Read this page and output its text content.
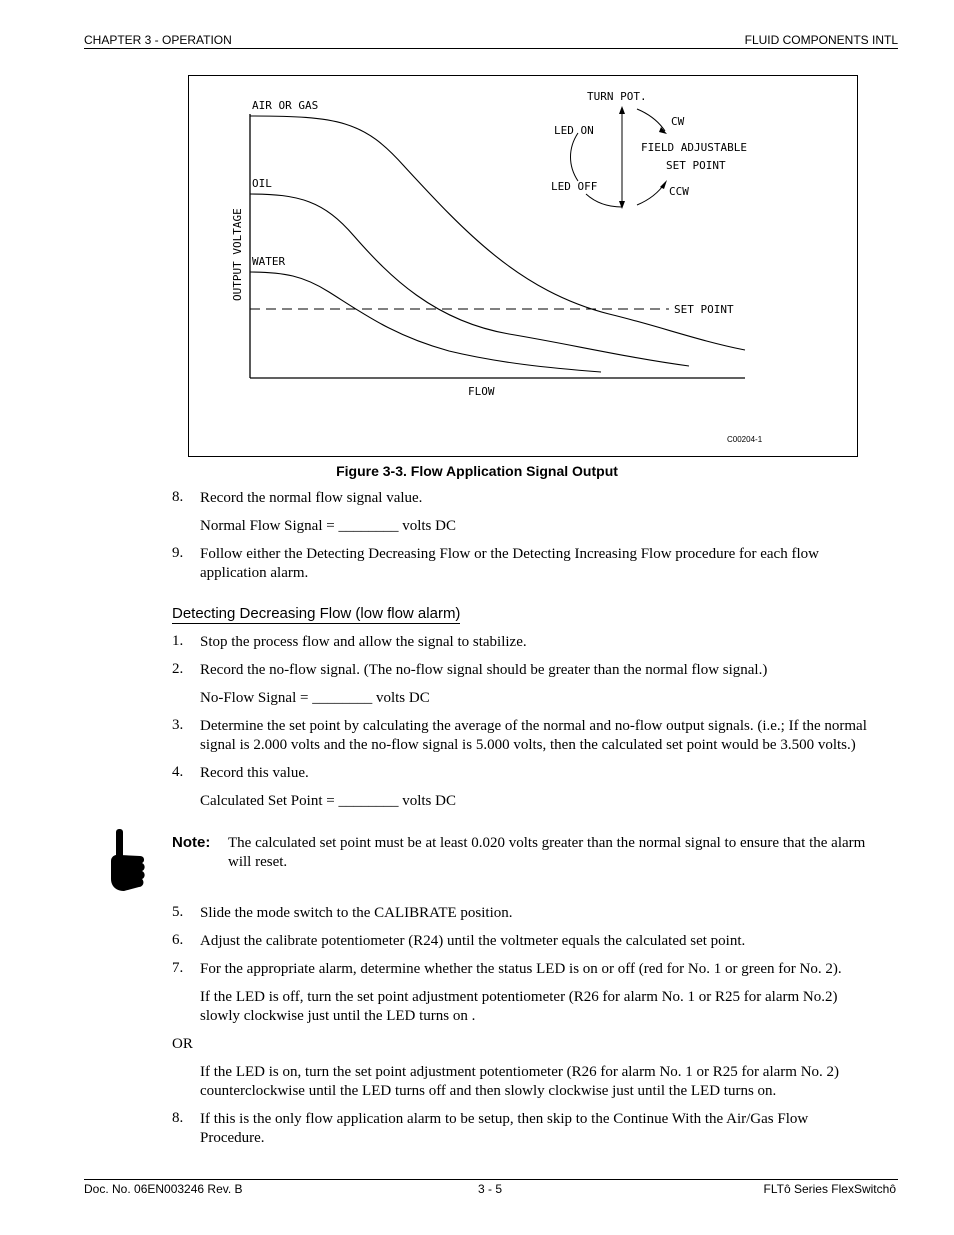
CHAPTER 3 - OPERATION	FLUID COMPONENTS INTL
AIR OR GAS
OIL
WATER
OUTPUT VOLTAGE
FLOW
SET POINT
TURN POT.
LED ON
LED OFF
CW
CCW
FIELD ADJUSTABLE
SET POINT
C00204-1
Figure 3-3. Flow Application Signal Output
8. Record the normal flow signal value.
Normal Flow Signal = ________ volts DC
9. Follow either the Detecting Decreasing Flow or the Detecting Increasing Flow procedure for each flow
application alarm.
Detecting Decreasing Flow (low flow alarm)
1. Stop the process flow and allow the signal to stabilize.
2. Record the no-flow signal. (The no-flow signal should be greater than the normal flow signal.)
No-Flow Signal = ________ volts DC
3. Determine the set point by calculating the average of the normal and no-flow output signals. (i.e.; If the normal
signal is 2.000 volts and the no-flow signal is 5.000 volts, then the calculated set point would be 3.500 volts.)
4. Record this value.
Calculated Set Point = ________ volts DC
Note: The calculated set point must be at least 0.020 volts greater than the normal signal to ensure that the alarm
will reset.
5. Slide the mode switch to the CALIBRATE position.
6. Adjust the calibrate potentiometer (R24) until the voltmeter equals the calculated set point.
7. For the appropriate alarm, determine whether the status LED is on or off (red for No. 1 or green for No. 2).
If the LED is off, turn the set point adjustment potentiometer (R26 for alarm No. 1 or R25 for alarm No.2)
slowly clockwise just until the LED turns on .
OR
If the LED is on, turn the set point adjustment potentiometer (R26 for alarm No. 1 or R25 for alarm No. 2)
counterclockwise until the LED turns off and then slowly clockwise just until the LED turns on.
8. If this is the only flow application alarm to be setup, then skip to the Continue With the Air/Gas Flow
Procedure.
Doc. No. 06EN003246 Rev. B	3 - 5	FLTô Series FlexSwitchô
